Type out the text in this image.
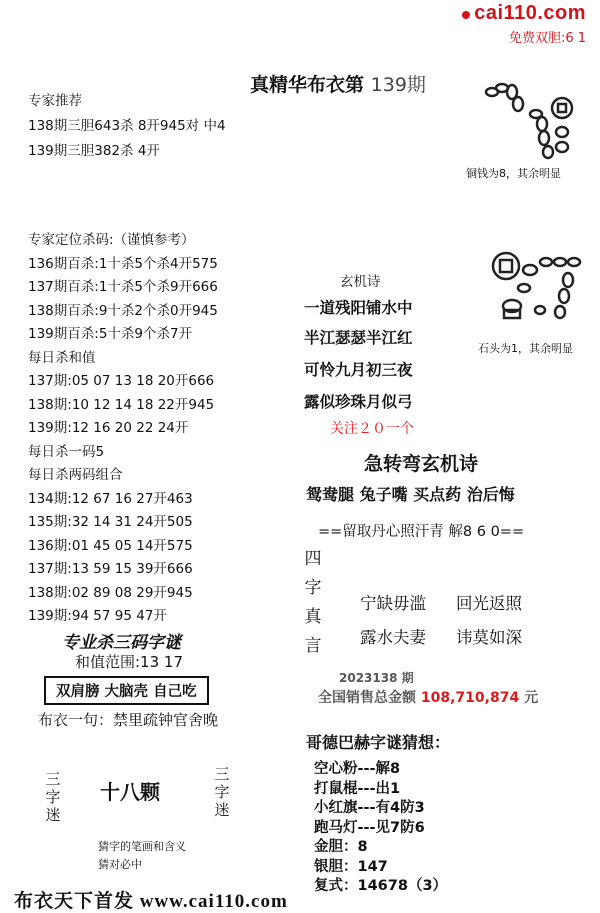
cai110.com
免费双胆:6 1
真精华布衣第 139期
专家推荐
138期三胆643杀 8开945对 中4
139期三胆382杀 4开
专家定位杀码:（谨慎参考）
136期百杀:1十杀5个杀4开575
137期百杀:1十杀5个杀9开666
138期百杀:9十杀2个杀0开945
139期百杀:5十杀9个杀7开
每日杀和值
137期:05 07 13 18 20开666
138期:10 12 14 18 22开945
139期:12 16 20 22 24开
每日杀一码5
每日杀两码组合
134期:12 67 16 27开463
135期:32 14 31 24开505
136期:01 45 05 14开575
137期:13 59 15 39开666
138期:02 89 08 29开945
139期:94 57 95 47开
专业杀三码字谜
和值范围:13 17
双肩膀 大脑壳 自己吃
布衣一句：禁里疏钟官舍晚
三字迷
十八颗
三字迷
猜字的笔画和含义
猜对必中
布衣天下首发 www.cai110.com
铜钱为8，其余明显
石头为1，其余明显
玄机诗
一道残阳铺水中
半江瑟瑟半江红
可怜九月初三夜
露似珍珠月似弓
关注２０一个
急转弯玄机诗
鸳鸯腿 兔子嘴 买点药 治后悔
==留取丹心照汗青 解8 6 0==
四字真言
宁缺毋滥 回光返照
露水夫妻 讳莫如深
2023138 期
全国销售总金额 108,710,874 元
哥德巴赫字谜猜想：
空心粉---解8
打鼠棍---出1
小红旗---有4防3
跑马灯---见7防6
金胆：8
银胆：147
复式：14678（3）
